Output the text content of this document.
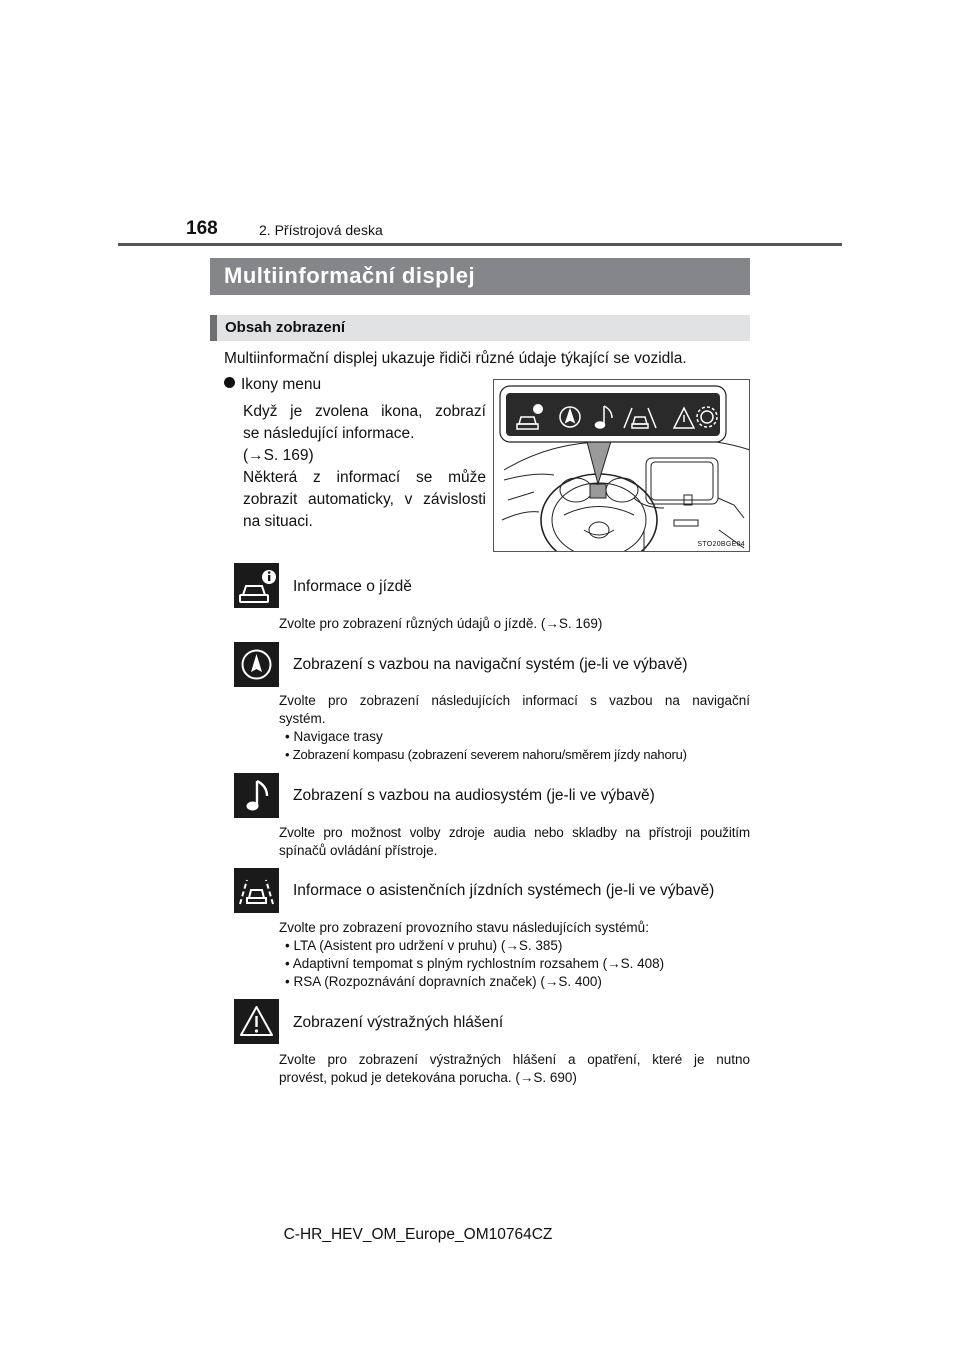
168	2. Přístrojová deska
Multiinformační displej
Obsah zobrazení
Multiinformační displej ukazuje řidiči různé údaje týkající se vozidla.
Ikony menu

Když je zvolena ikona, zobrazí

se následující informace.

(→S. 169)

Některá z informací se může

zobrazit automaticky, v závislosti

na situaci.

STO20BGE04
Informace o jízdě
Zvolte pro zobrazení různých údajů o jízdě. (→S. 169)
Zobrazení s vazbou na navigační systém (je-li ve výbavě)
Zvolte pro zobrazení následujících informací s vazbou na navigační
systém.
• Navigace trasy
• Zobrazení kompasu (zobrazení severem nahoru/směrem jízdy nahoru)
Zobrazení s vazbou na audiosystém (je-li ve výbavě)
Zvolte pro možnost volby zdroje audia nebo skladby na přístroji použitím
spínačů ovládání přístroje.
Informace o asistenčních jízdních systémech (je-li ve výbavě)
Zvolte pro zobrazení provozního stavu následujících systémů:
• LTA (Asistent pro udržení v pruhu) (→S. 385)
• Adaptivní tempomat s plným rychlostním rozsahem (→S. 408)
• RSA (Rozpoznávání dopravních značek) (→S. 400)
Zobrazení výstražných hlášení
Zvolte pro zobrazení výstražných hlášení a opatření, které je nutno
provést, pokud je detekována porucha. (→S. 690)
C-HR_HEV_OM_Europe_OM10764CZ
